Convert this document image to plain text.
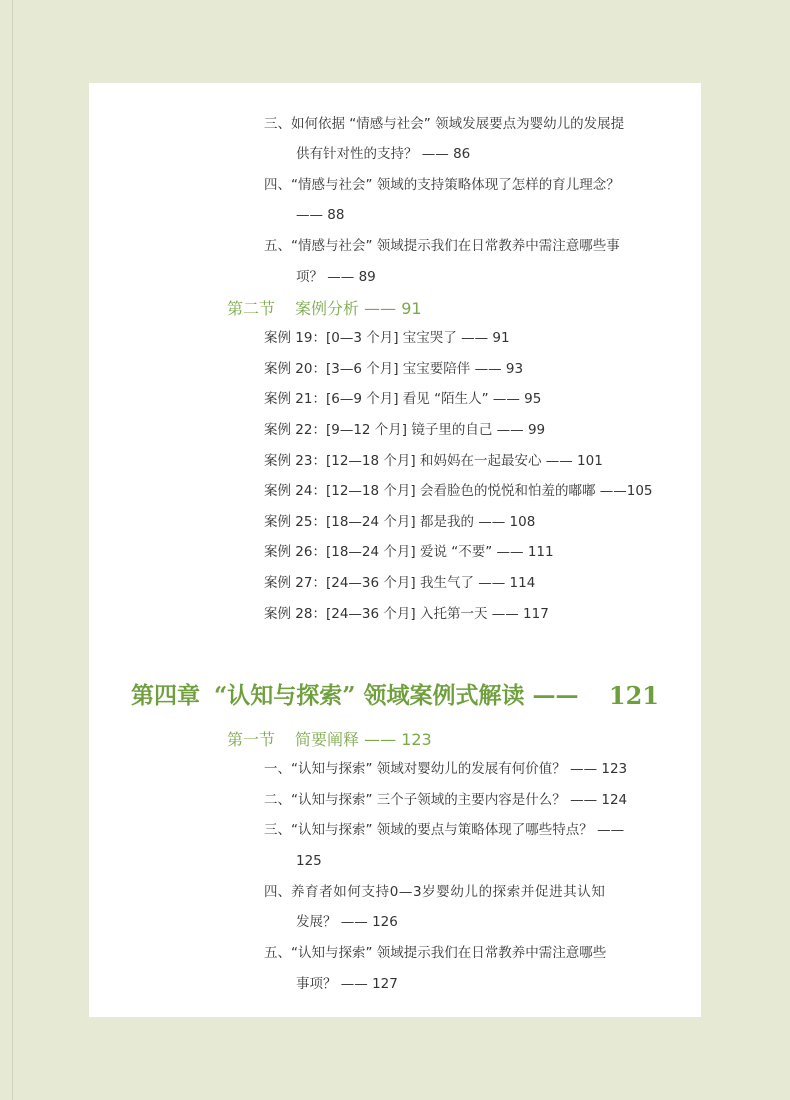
三、如何依据 “情感与社会” 领域发展要点为婴幼儿的发展提
供有针对性的支持？ —— 86
四、“情感与社会” 领域的支持策略体现了怎样的育儿理念？
—— 88
五、“情感与社会” 领域提示我们在日常教养中需注意哪些事
项？ —— 89
第二节 案例分析 —— 91
案例 19：[0—3 个月] 宝宝哭了 —— 91
案例 20：[3—6 个月] 宝宝要陪伴 —— 93
案例 21：[6—9 个月] 看见 “陌生人” —— 95
案例 22：[9—12 个月] 镜子里的自己 —— 99
案例 23：[12—18 个月] 和妈妈在一起最安心 —— 101
案例 24：[12—18 个月] 会看脸色的悦悦和怕羞的嘟嘟 ——105
案例 25：[18—24 个月] 都是我的 —— 108
案例 26：[18—24 个月] 爱说 “不要” —— 111
案例 27：[24—36 个月] 我生气了 —— 114
案例 28：[24—36 个月] 入托第一天 —— 117
第四章 “认知与探索” 领域案例式解读 —— 121
第一节 简要阐释 —— 123
一、“认知与探索” 领域对婴幼儿的发展有何价值？ —— 123
二、“认知与探索” 三个子领域的主要内容是什么？ —— 124
三、“认知与探索” 领域的要点与策略体现了哪些特点？ ——
125
四、养育者如何支持0—3岁婴幼儿的探索并促进其认知
发展？ —— 126
五、“认知与探索” 领域提示我们在日常教养中需注意哪些
事项？ —— 127
